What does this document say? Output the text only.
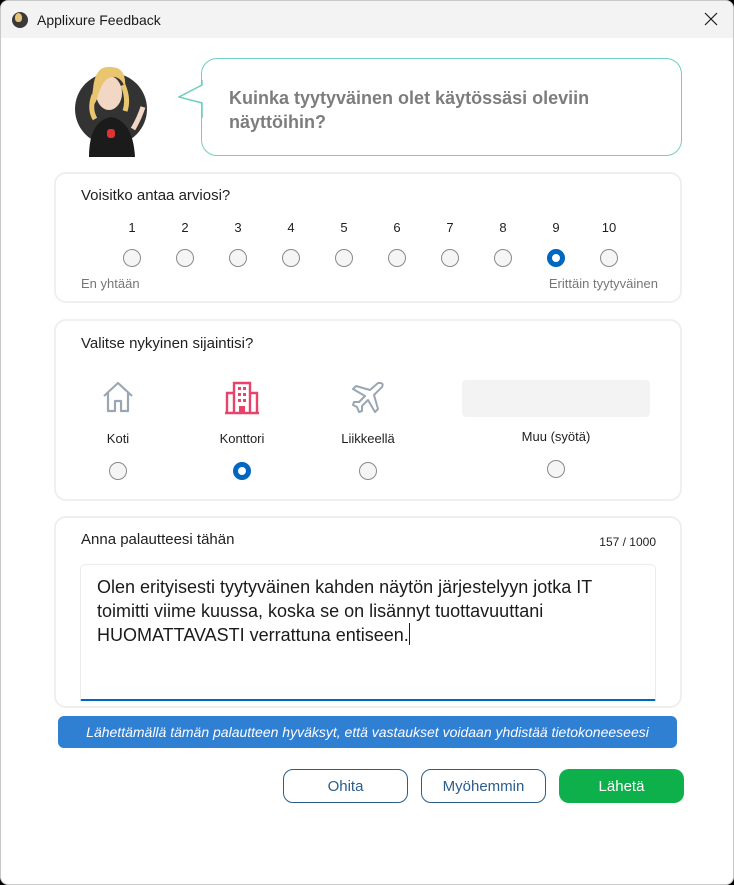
Applixure Feedback
Kuinka tyytyväinen olet käytössäsi oleviin näyttöihin?
Voisitko antaa arviosi?
1	2	3	4	5	6	7	8	9	10
En yhtään	Erittäin tyytyväinen
Valitse nykyinen sijaintisi?
Koti	Konttori	Liikkeellä	Muu (syötä)
Anna palautteesi tähän	157 / 1000
Olen erityisesti tyytyväinen kahden näytön järjestelyyn jotka IT toimitti viime kuussa, koska se on lisännyt tuottavuuttani HUOMATTAVASTI verrattuna entiseen.
Lähettämällä tämän palautteen hyväksyt, että vastaukset voidaan yhdistää tietokoneeseesi
Ohita	Myöhemmin	Lähetä
